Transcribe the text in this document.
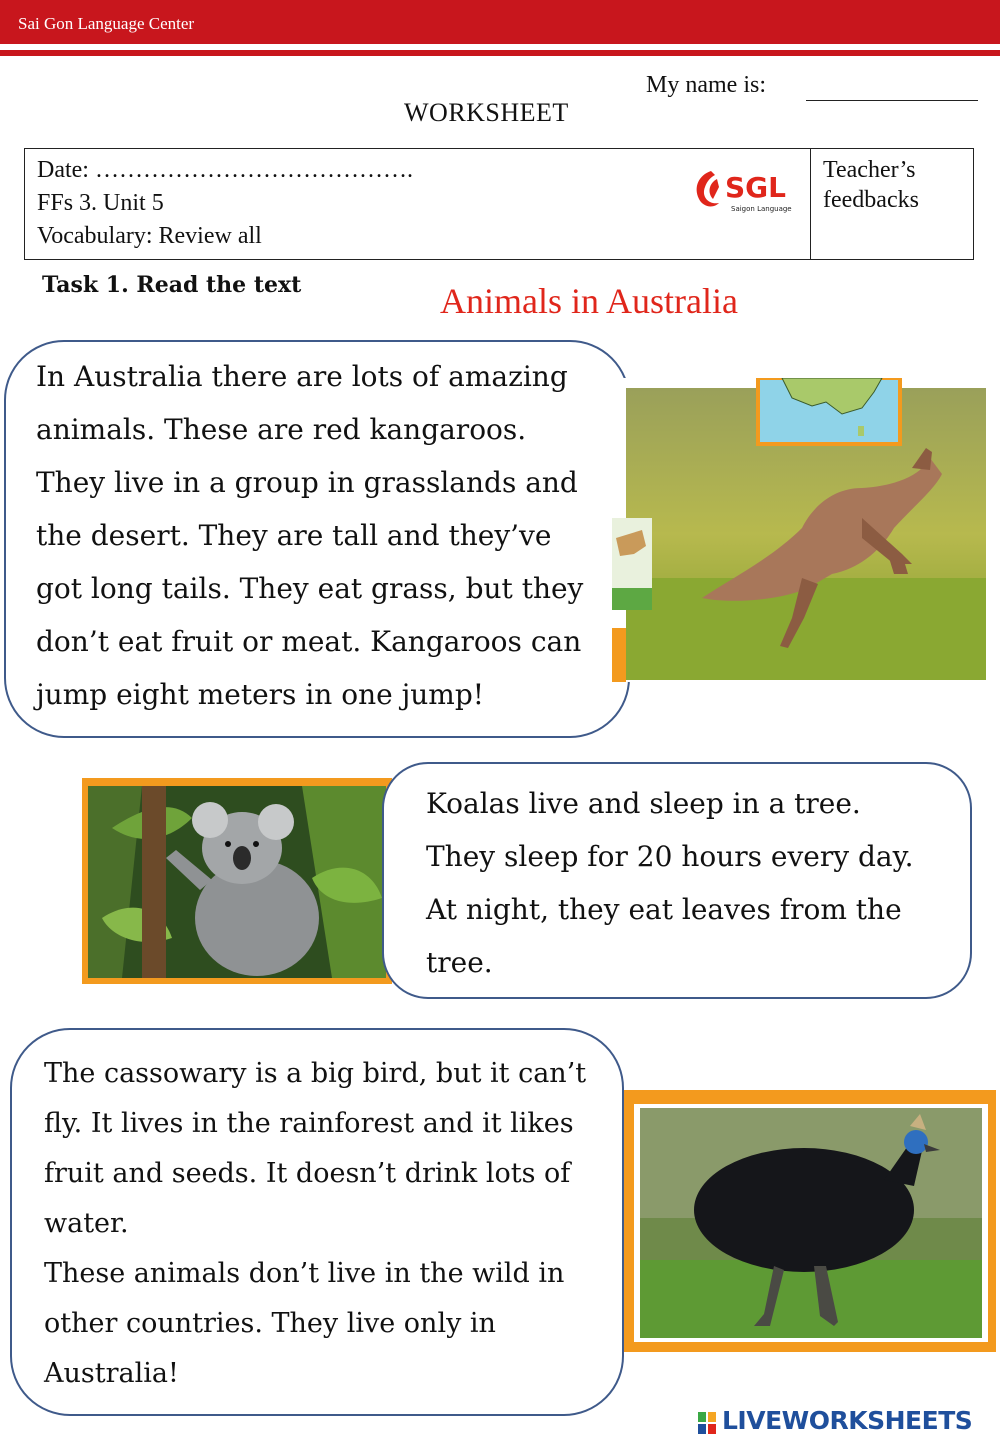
Sai Gon Language Center
My name is:
WORKSHEET
Date: ………………………………….
FFs 3. Unit 5
Vocabulary: Review all
SGL
Saigon Language
Teacher’s
feedbacks
Task 1. Read the text	Animals in Australia
In Australia there are lots of amazing
animals. These are red kangaroos.
They live in a group in grasslands and
the desert. They are tall and they’ve
got long tails. They eat grass, but they
don’t eat fruit or meat. Kangaroos can
jump eight meters in one jump!
Koalas live and sleep in a tree.
They sleep for 20 hours every day.
At night, they eat leaves from the
tree.
The cassowary is a big bird, but it can’t
fly. It lives in the rainforest and it likes
fruit and seeds. It doesn’t drink lots of
water.
These animals don’t live in the wild in
other countries. They live only in
Australia!
LIVEWORKSHEETS
